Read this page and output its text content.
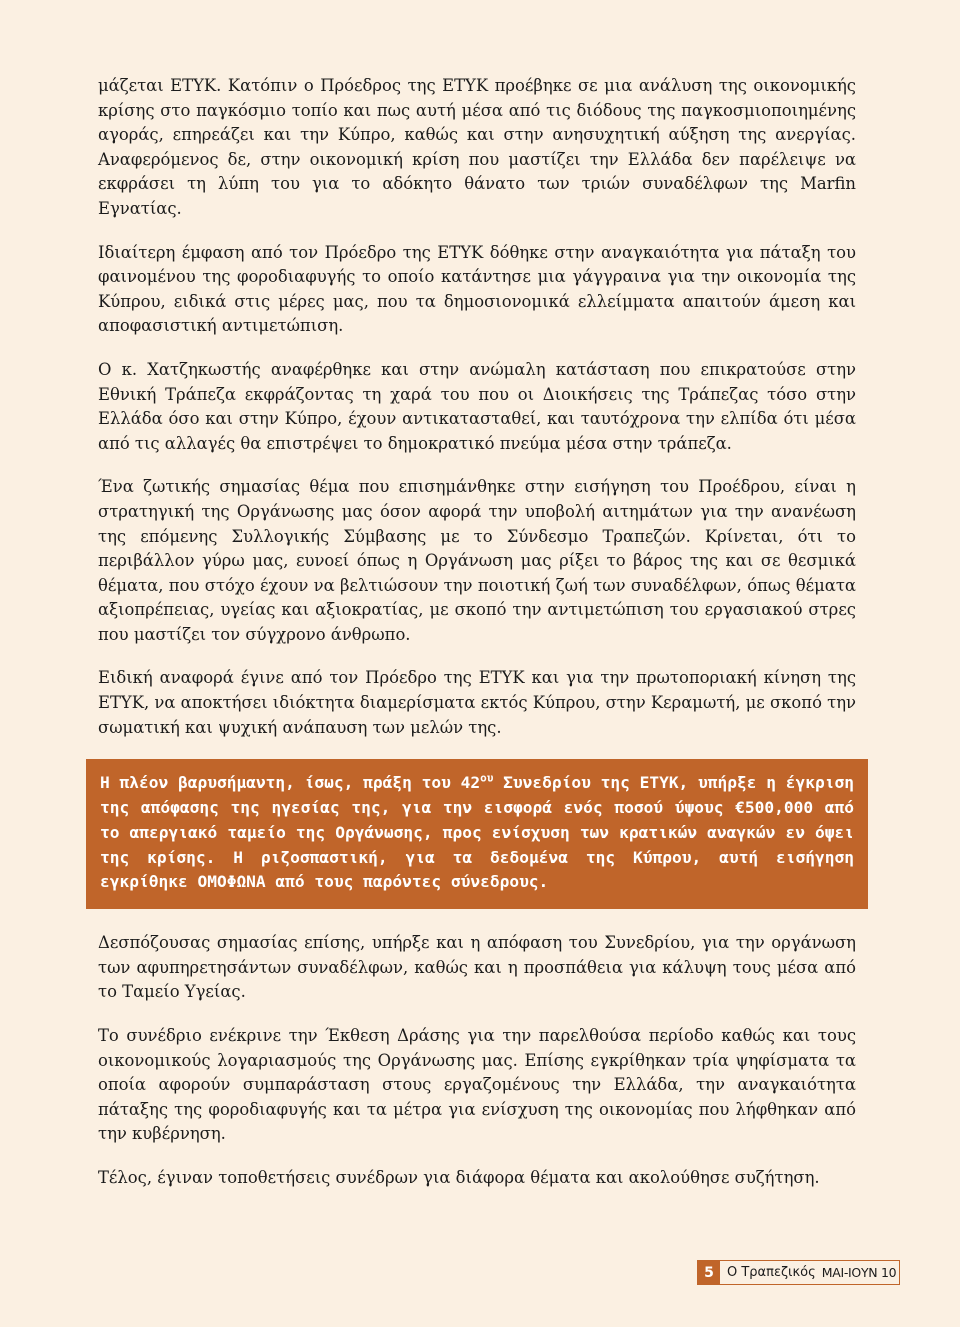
μάζεται ΕΤΥΚ. Κατόπιν ο Πρόεδρος της ΕΤΥΚ προέβηκε σε μια ανάλυση της οικονομικής κρίσης στο παγκόσμιο τοπίο και πως αυτή μέσα από τις διόδους της παγκοσμιοποιημένης αγοράς, επηρεάζει και την Κύπρο, καθώς και στην ανησυχητική αύξηση της ανεργίας. Αναφερόμενος δε, στην οικονομική κρίση που μαστίζει την Ελλάδα δεν παρέλειψε να εκφράσει τη λύπη του για το αδόκητο θάνατο των τριών συναδέλφων της Marfin Εγνατίας.

Ιδιαίτερη έμφαση από τον Πρόεδρο της ΕΤΥΚ δόθηκε στην αναγκαιότητα για πάταξη του φαινομένου της φοροδιαφυγής το οποίο κατάντησε μια γάγγραινα για την οικονομία της Κύπρου, ειδικά στις μέρες μας, που τα δημοσιονομικά ελλείμματα απαιτούν άμεση και αποφασιστική αντιμετώπιση.

Ο κ. Χατζηκωστής αναφέρθηκε και στην ανώμαλη κατάσταση που επικρατούσε στην Εθνική Τράπεζα εκφράζοντας τη χαρά του που οι Διοικήσεις της Τράπεζας τόσο στην Ελλάδα όσο και στην Κύπρο, έχουν αντικατασταθεί, και ταυτόχρονα την ελπίδα ότι μέσα από τις αλλαγές θα επιστρέψει το δημοκρατικό πνεύμα μέσα στην τράπεζα.

Ένα ζωτικής σημασίας θέμα που επισημάνθηκε στην εισήγηση του Προέδρου, είναι η στρατηγική της Οργάνωσης μας όσον αφορά την υποβολή αιτημάτων για την ανανέωση της επόμενης Συλλογικής Σύμβασης με το Σύνδεσμο Τραπεζών. Κρίνεται, ότι το περιβάλλον γύρω μας, ευνοεί όπως η Οργάνωση μας ρίξει το βάρος της και σε θεσμικά θέματα, που στόχο έχουν να βελτιώσουν την ποιοτική ζωή των συναδέλφων, όπως θέματα αξιοπρέπειας, υγείας και αξιοκρατίας, με σκοπό την αντιμετώπιση του εργασιακού στρες που μαστίζει τον σύγχρονο άνθρωπο.

Ειδική αναφορά έγινε από τον Πρόεδρο της ΕΤΥΚ και για την πρωτοποριακή κίνηση της ΕΤΥΚ, να αποκτήσει ιδιόκτητα διαμερίσματα εκτός Κύπρου, στην Κεραμωτή, με σκοπό την σωματική και ψυχική ανάπαυση των μελών της.

Η πλέον βαρυσήμαντη, ίσως, πράξη του $42^{o\upsilon}$ Συνεδρίου της ΕΤΥΚ, υπήρξε η έγκριση της απόφασης της ηγεσίας της, για την εισφορά ενός ποσού ύψους €500,000 από το απεργιακό ταμείο της Οργάνωσης, προς ενίσχυση των κρατικών αναγκών εν όψει της κρίσης. Η ριζοσπαστική, για τα δεδομένα της Κύπρου, αυτή εισήγηση εγκρίθηκε ΟΜΟΦΩΝΑ από τους παρόντες σύνεδρους.

Δεσπόζουσας σημασίας επίσης, υπήρξε και η απόφαση του Συνεδρίου, για την οργάνωση των αφυπηρετησάντων συναδέλφων, καθώς και η προσπάθεια για κάλυψη τους μέσα από το Ταμείο Υγείας.

Το συνέδριο ενέκρινε την Έκθεση Δράσης για την παρελθούσα περίοδο καθώς και τους οικονομικούς λογαριασμούς της Οργάνωσης μας. Επίσης εγκρίθηκαν τρία ψηφίσματα τα οποία αφορούν συμπαράσταση στους εργαζομένους την Ελλάδα, την αναγκαιότητα πάταξης της φοροδιαφυγής και τα μέτρα για ενίσχυση της οικονομίας που λήφθηκαν από την κυβέρνηση.

Τέλος, έγιναν τοποθετήσεις συνέδρων για διάφορα θέματα και ακολούθησε συζήτηση.

5	Ο Τραπεζικός ΜΑΙ-ΙΟΥΝ 10
